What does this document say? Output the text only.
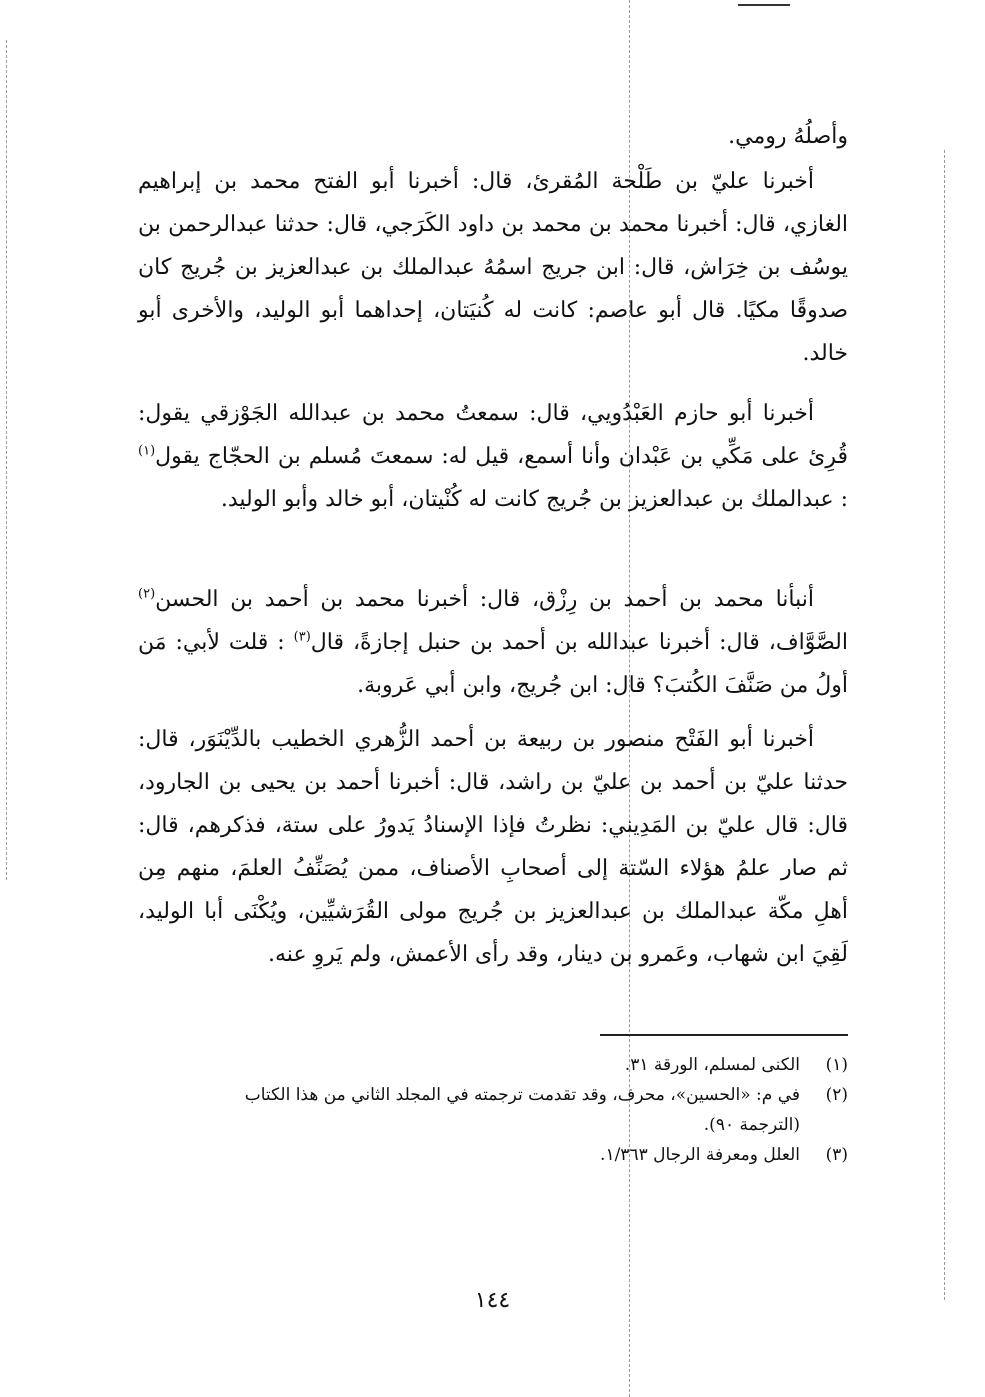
وأصلُهُ رومي.

أخبرنا عليّ بن طَلْحة المُقرئ، قال: أخبرنا أبو الفتح محمد بن إبراهيم الغازي، قال: أخبرنا محمد بن محمد بن داود الكَرَجي، قال: حدثنا عبدالرحمن بن يوسُف بن خِرَاش، قال: ابن جريج اسمُهُ عبدالملك بن عبدالعزيز بن جُريج كان صدوقًا مكيًا. قال أبو عاصم: كانت له كُنيَتان، إحداهما أبو الوليد، والأخرى أبو خالد.

أخبرنا أبو حازم العَبْدُويي، قال: سمعتُ محمد بن عبدالله الجَوْزقي يقول: قُرِئ على مَكِّي بن عَبْدان وأنا أسمع، قيل له: سمعتَ مُسلم بن الحجّاج يقول$^{(١)}$ : عبدالملك بن عبدالعزيز بن جُريج كانت له كُنْيتان، أبو خالد وأبو الوليد.

أنبأنا محمد بن أحمد بن رِزْق، قال: أخبرنا محمد بن أحمد بن الحسن$^{(٢)}$ الصَّوَّاف، قال: أخبرنا عبدالله بن أحمد بن حنبل إجازةً، قال$^{(٣)}$ : قلت لأبي: مَن أولُ من صَنَّفَ الكُتبَ؟ قال: ابن جُريج، وابن أبي عَروبة.

أخبرنا أبو الفَتْح منصور بن ربيعة بن أحمد الزُّهري الخطيب بالدِّيْنَوَر، قال: حدثنا عليّ بن أحمد بن عليّ بن راشد، قال: أخبرنا أحمد بن يحيى بن الجارود، قال: قال عليّ بن المَدِيني: نظرتُ فإذا الإسنادُ يَدورُ على ستة، فذكرهم، قال: ثم صار علمُ هؤلاء السّتة إلى أصحابِ الأصناف، ممن يُصَنِّفُ العلمَ، منهم مِن أهلِ مكّة عبدالملك بن عبدالعزيز بن جُريج مولى القُرَشيِّين، ويُكْنَى أبا الوليد، لَقِيَ ابن شهاب، وعَمرو بن دينار، وقد رأى الأعمش، ولم يَروِ عنه.

(١)
الكنى لمسلم، الورقة ٣١.
(٢)
في م: «الحسين»، محرف، وقد تقدمت ترجمته في المجلد الثاني من هذا الكتاب
(الترجمة ٩٠).
(٣)
العلل ومعرفة الرجال ١/٣٦٣.
١٤٤
